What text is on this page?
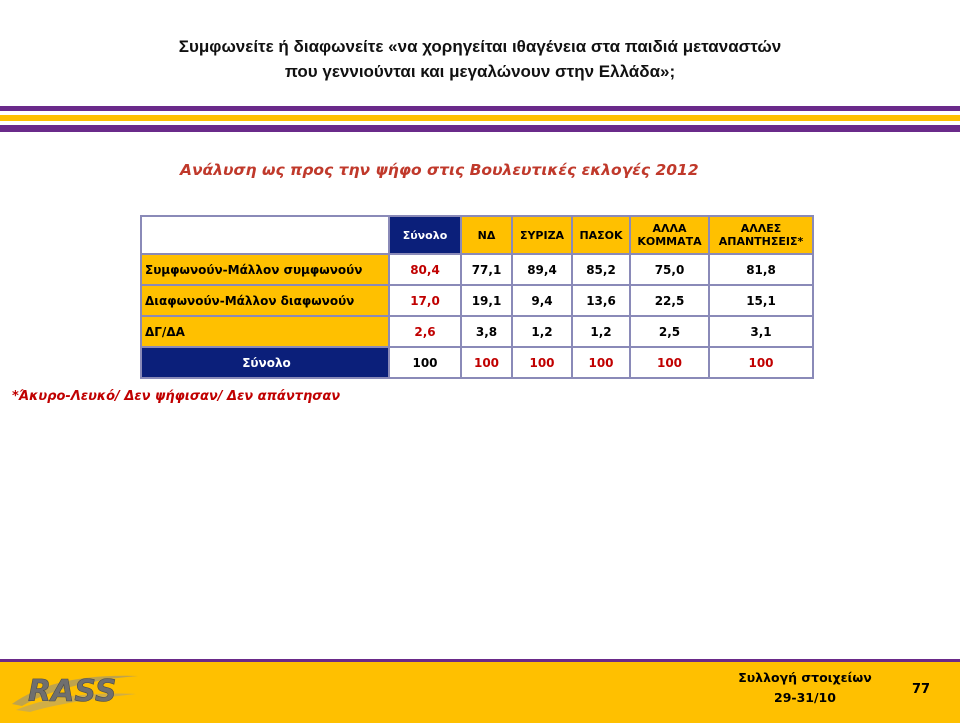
Συμφωνείτε ή διαφωνείτε «να χορηγείται ιθαγένεια στα παιδιά μεταναστών
που γεννιούνται και μεγαλώνουν στην Ελλάδα»;
Ανάλυση ως προς την ψήφο στις Βουλευτικές εκλογές 2012
	Σύνολο	ΝΔ	ΣΥΡΙΖΑ	ΠΑΣΟΚ	ΑΛΛΑ ΚΟΜΜΑΤΑ	ΑΛΛΕΣ ΑΠΑΝΤΗΣΕΙΣ*
Συμφωνούν-Μάλλον συμφωνούν	80,4	77,1	89,4	85,2	75,0	81,8
Διαφωνούν-Μάλλον διαφωνούν	17,0	19,1	9,4	13,6	22,5	15,1
ΔΓ/ΔΑ	2,6	3,8	1,2	1,2	2,5	3,1
Σύνολο	100	100	100	100	100	100
*Άκυρο-Λευκό/ Δεν ψήφισαν/ Δεν απάντησαν
RASS	Συλλογή στοιχείων
29-31/10
77
